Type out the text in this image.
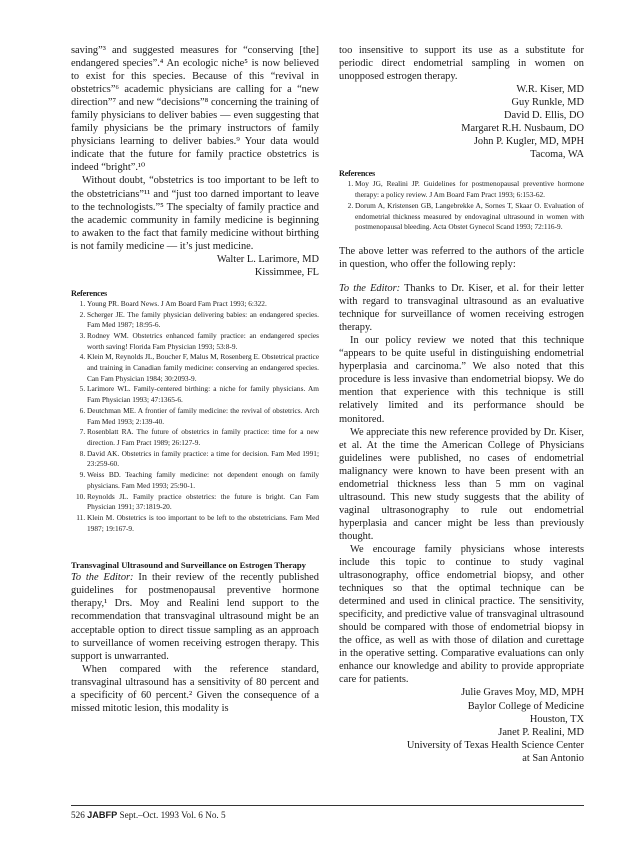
saving”³ and suggested measures for “conserving [the] endangered species”.⁴ An ecologic niche⁵ is now believed to exist for this species. Because of this “revival in obstetrics”⁶ academic physicians are calling for a “new direction”⁷ and new “decisions”⁸ concerning the training of family physicians to deliver babies — even suggesting that family physicians be the primary instructors of family physicians learning to deliver babies.⁹ Your data would indicate that the future for family practice obstetrics is indeed “bright”.¹⁰

Without doubt, “obstetrics is too important to be left to the obstetricians”¹¹ and “just too darned important to leave to the technologists.”⁵ The specialty of family practice and the academic community in family medicine is beginning to awaken to the fact that family medicine without birthing is not family medicine — it’s just medicine.

Walter L. Larimore, MD
Kissimmee, FL

References

1. Young PR. Board News. J Am Board Fam Pract 1993; 6:322.
2. Scherger JE. The family physician delivering babies: an endangered species. Fam Med 1987; 18:95-6.
3. Rodney WM. Obstetrics enhanced family practice: an endangered species worth saving! Florida Fam Physician 1993; 53:8-9.
4. Klein M, Reynolds JL, Boucher F, Malus M, Rosenberg E. Obstetrical practice and training in Canadian family medicine: conserving an endangered species. Can Fam Physician 1984; 30:2093-9.
5. Larimore WL. Family-centered birthing: a niche for family physicians. Am Fam Physician 1993; 47:1365-6.
6. Deutchman ME. A frontier of family medicine: the revival of obstetrics. Arch Fam Med 1993; 2:139-40.
7. Rosenblatt RA. The future of obstetrics in family practice: time for a new direction. J Fam Pract 1989; 26:127-9.
8. David AK. Obstetrics in family practice: a time for decision. Fam Med 1991; 23:259-60.
9. Weiss BD. Teaching family medicine: not dependent enough on family physicians. Fam Med 1993; 25:90-1.
10. Reynolds JL. Family practice obstetrics: the future is bright. Can Fam Physician 1991; 37:1819-20.
11. Klein M. Obstetrics is too important to be left to the obstetricians. Fam Med 1987; 19:167-9.

Transvaginal Ultrasound and Surveillance on Estrogen Therapy

To the Editor: In their review of the recently published guidelines for postmenopausal preventive hormone therapy,¹ Drs. Moy and Realini lend support to the recommendation that transvaginal ultrasound might be an acceptable option to direct tissue sampling as an approach to surveillance of women receiving estrogen therapy. This support is unwarranted.

When compared with the reference standard, transvaginal ultrasound has a sensitivity of 80 percent and a specificity of 60 percent.² Given the consequence of a missed mitotic lesion, this modality is

too insensitive to support its use as a substitute for periodic direct endometrial sampling in women on unopposed estrogen therapy.

W.R. Kiser, MD
Guy Runkle, MD
David D. Ellis, DO
Margaret R.H. Nusbaum, DO
John P. Kugler, MD, MPH
Tacoma, WA

References

1. Moy JG, Realini JP. Guidelines for postmenopausal preventive hormone therapy: a policy review. J Am Board Fam Pract 1993; 6:153-62.
2. Dorum A, Kristensen GB, Langebrekke A, Sornes T, Skaar O. Evaluation of endometrial thickness measured by endovaginal ultrasound in women with postmenopausal bleeding. Acta Obstet Gynecol Scand 1993; 72:116-9.

The above letter was referred to the authors of the article in question, who offer the following reply:

To the Editor: Thanks to Dr. Kiser, et al. for their letter with regard to transvaginal ultrasound as an evaluative technique for surveillance of women receiving estrogen therapy.

In our policy review we noted that this technique “appears to be quite useful in distinguishing endometrial hyperplasia and carcinoma.” We also noted that this procedure is less invasive than endometrial biopsy. We do mention that experience with this technique is still relatively limited and its performance should be monitored.

We appreciate this new reference provided by Dr. Kiser, et al. At the time the American College of Physicians guidelines were published, no cases of endometrial malignancy were known to have been present with an endometrial thickness less than 5 mm on vaginal ultrasound. This new study suggests that the ability of vaginal ultrasonography to rule out endometrial hyperplasia and cancer might be less than previously thought.

We encourage family physicians whose interests include this topic to continue to study vaginal ultrasonography, office endometrial biopsy, and other techniques so that the optimal technique can be determined and used in clinical practice. The sensitivity, specificity, and predictive value of transvaginal ultrasound should be compared with those of endometrial biopsy in the office, as well as with those of dilation and curettage in the operative setting. Comparative evaluations can only enhance our knowledge and ability to provide appropriate care for patients.

Julie Graves Moy, MD, MPH
Baylor College of Medicine
Houston, TX
Janet P. Realini, MD
University of Texas Health Science Center
at San Antonio
526 JABFP Sept.–Oct. 1993 Vol. 6 No. 5
